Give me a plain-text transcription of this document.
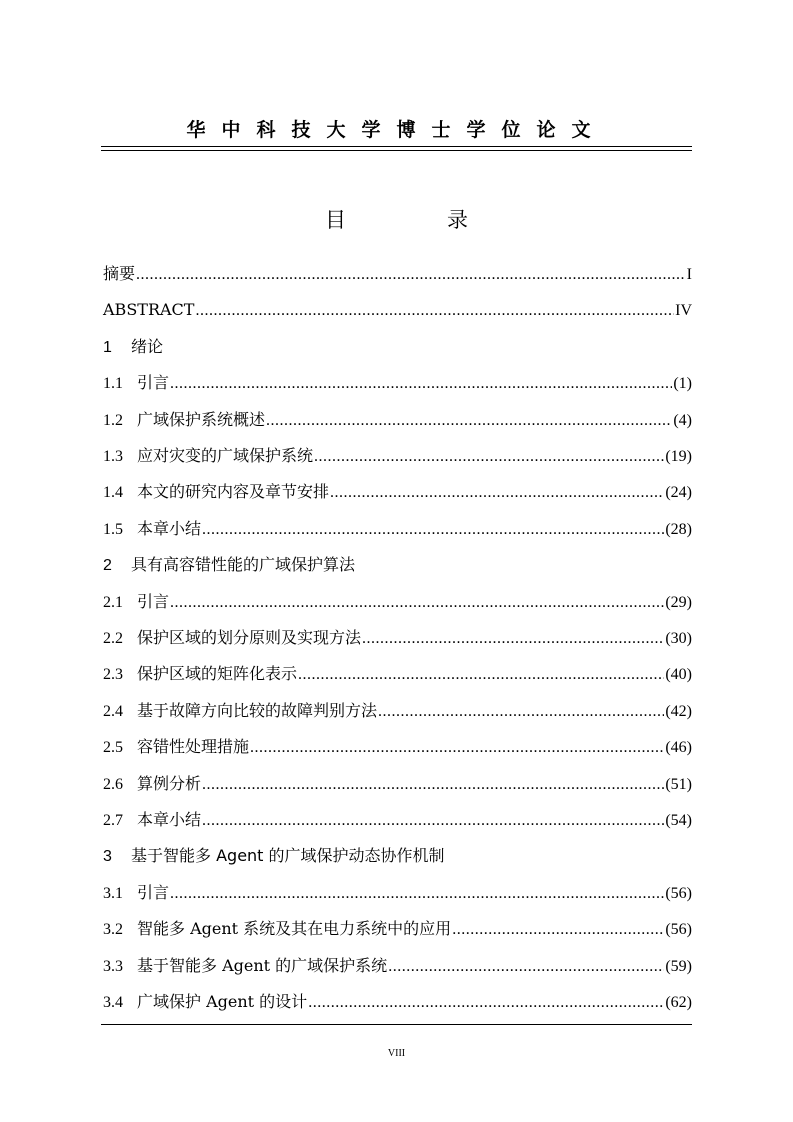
华中科技大学博士学位论文
目　录
摘要 .....	I
ABSTRACT .....	IV
1 绪论
1.1 引言 .....	(1)
1.2 广域保护系统概述 .....	(4)
1.3 应对灾变的广域保护系统 .....	(19)
1.4 本文的研究内容及章节安排 .....	(24)
1.5 本章小结 .....	(28)
2 具有高容错性能的广域保护算法
2.1 引言 .....	(29)
2.2 保护区域的划分原则及实现方法 .....	(30)
2.3 保护区域的矩阵化表示 .....	(40)
2.4 基于故障方向比较的故障判别方法 .....	(42)
2.5 容错性处理措施 .....	(46)
2.6 算例分析 .....	(51)
2.7 本章小结 .....	(54)
3 基于智能多 Agent 的广域保护动态协作机制
3.1 引言 .....	(56)
3.2 智能多 Agent 系统及其在电力系统中的应用 .....	(56)
3.3 基于智能多 Agent 的广域保护系统 .....	(59)
3.4 广域保护 Agent 的设计 .....	(62)
VIII
